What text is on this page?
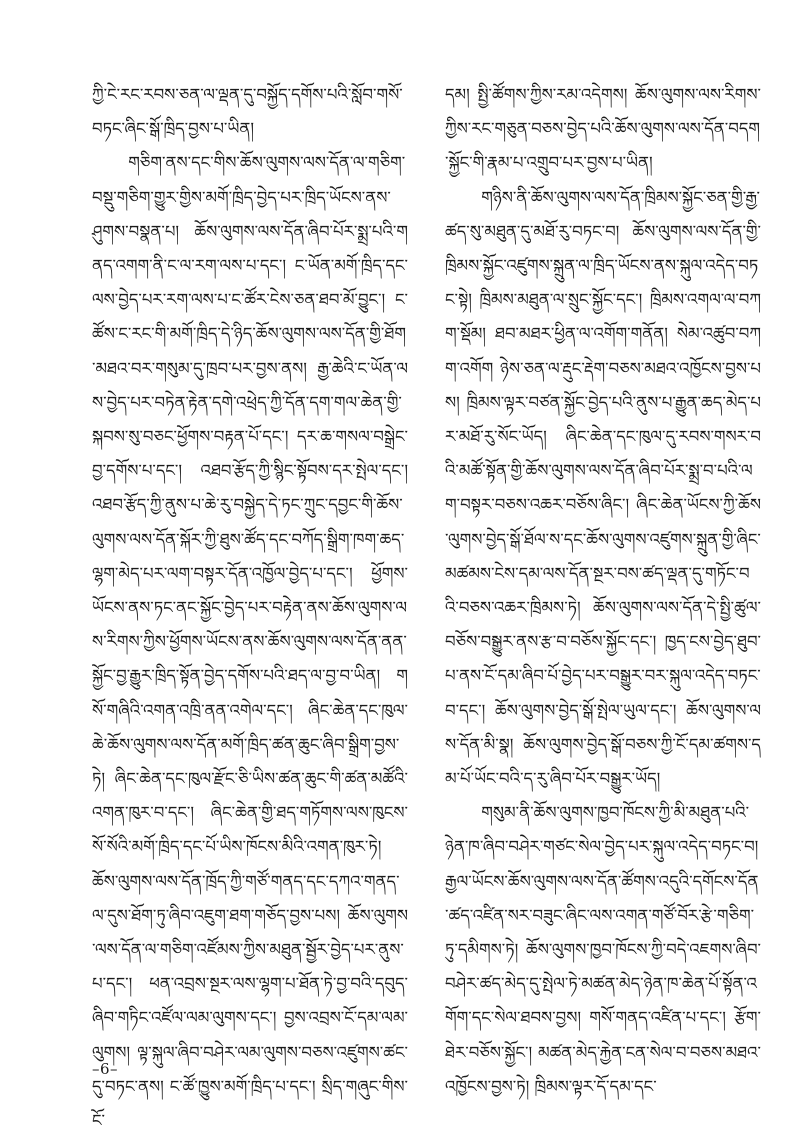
ཀྱི་ངེ་རང་རབས་ཅན་ལ་ལྡན་དུ་བསྐྱོད་དགོས་པའི་སློབ་གསོ་བཏང་ཞིང་སྒོ་ཁྲིད་བྱས་པ་ཡིན།

གཅིག་ནས་དང་གིས་ཆོས་ལུགས་ལས་དོན་ལ་གཅིག་བསྡུ་གཅིག་གྱུར་གྱིས་མགོ་ཁྲིད་བྱེད་པར་ཁྲིད་ཡོངས་ནས་ཤུགས་བསྣན་པ། ཆོས་ལུགས་ལས་དོན་ཞིབ་པོར་སྨྲ་པའི་གནད་འགག་ནི་ང་ལ་རག་ལས་པ་དང་། ང་ཡོན་མགོ་ཁྲིད་དང་ལས་བྱེད་པར་རག་ལས་པ་ང་ཚོར་ངེས་ཅན་ཐབ་མོ་བྱུང་། ང་ཚོས་ང་རང་གི་མགོ་ཁྲིད་དེ་ཉིད་ཆོས་ལུགས་ལས་དོན་གྱི་ཐོག་མཐའ་བར་གསུམ་དུ་ཁྲབ་པར་བྱས་ནས། རྒྱ་ཆེའི་ང་ཡོན་ལས་བྱེད་པར་བཏེན་རྟེན་དགེ་འཕྲེད་ཀྱི་དོན་དག་གལ་ཆེན་གྱི་སྐབས་སུ་བཅང་ཕྱོགས་བརྟན་པོ་དང་། དར་ཆ་གསལ་བསྒྲེང་བྱ་དགོས་པ་དང་། འཐབ་རྩོད་ཀྱི་སྙིང་སྟོབས་དར་སྤེལ་དང་། འཐབ་རྩོད་ཀྱི་ནུས་པ་ཆེ་རུ་བསྐྱེད་དེ་ཏང་ཀྲུང་དབྱང་གི་ཆོས་ལུགས་ལས་དོན་སྐོར་ཀྱི་ཐུས་ཚོད་དང་བཀོད་སྒྲིག་ཁག་ཆད་ལྷག་མེད་པར་ལག་བསྟར་དོན་འཁྱོལ་བྱེད་པ་དང་། ཕྱོགས་ཡོངས་ནས་ཏང་ནང་སྐྱོང་བྱེད་པར་བརྟེན་ནས་ཆོས་ལུགས་ལས་རིགས་ཀྱིས་ཕྱོགས་ཡོངས་ནས་ཆོས་ལུགས་ལས་དོན་ནན་སྐྱོང་བྱ་རྒྱུར་ཁྲིད་སྟོན་བྱེད་དགོས་པའི་ཐད་ལ་བྱ་བ་ཡིན། གསོ་གཞིའི་འགན་འཁྲི་ནན་འགེལ་དང་། ཞིང་ཆེན་དང་ཁུལ་ཆེ་ཆོས་ལུགས་ལས་དོན་མགོ་ཁྲིད་ཚན་ཆུང་ཞིབ་སྒྲིག་བྱས་ཏེ། ཞིང་ཆེན་དང་ཁུལ་རྫོང་ཅི་ཡིས་ཚན་ཆུང་གི་ཚན་མཚོའི་འགན་ཁུར་བ་དང་། ཞིང་ཆེན་གྱི་ཐད་གཏོགས་ལས་ཁུངས་སོ་སོའི་མགོ་ཁྲིད་དང་པོ་ཡིས་ཁོངས་མིའི་འགན་ཁུར་ཏེ། ཆོས་ལུགས་ལས་དོན་ཁྲོད་ཀྱི་གཙོ་གནད་དང་དཀའ་གནད་ལ་དུས་ཐོག་ཏུ་ཞིབ་འཇུག་ཐག་གཅོད་བྱས་པས། ཆོས་ལུགས་ལས་དོན་ལ་གཅིག་འཛོམས་ཀྱིས་མཐུན་སྦྱོར་བྱེད་པར་ནུས་པ་དང་། ཕན་འབྲས་སྔར་ལས་ལྷག་པ་ཐོན་ཏེ་བྱ་བའི་དབུད་ཞིབ་གཏིང་འཛོལ་ལམ་ལུགས་དང་། བྱས་འབྲས་ངོ་དམ་ལམ་ལུགས། ལྟ་སྐུལ་ཞིབ་བཤེར་ལམ་ལུགས་བཅས་འཛུགས་ཚང་དུ་བཏང་ནས། ང་ཚོ་ཁྱུས་མགོ་ཁྲིད་པ་དང་། སྲིད་གཞུང་གིས་ངོ་

དམ། སྤྱི་ཚོགས་ཀྱིས་རམ་འདེགས། ཆོས་ལུགས་ལས་རིགས་ཀྱིས་རང་གཅུན་བཅས་བྱེད་པའི་ཆོས་ལུགས་ལས་དོན་བདག་སྐྱོང་གི་རྣམ་པ་འགྲུབ་པར་བྱས་པ་ཡིན།

གཉིས་ནི་ཆོས་ལུགས་ལས་དོན་ཁྲིམས་སྐྱོང་ཅན་གྱི་རྒྱ་ཚད་སུ་མཐུན་དུ་མཐོ་རུ་བཏང་བ། ཆོས་ལུགས་ལས་དོན་གྱི་ཁྲིམས་སྐྱོང་འཛུགས་སྐྲུན་ལ་ཁྲིད་ཡོངས་ནས་སྐུལ་འདེད་བཏང་སྟེ། ཁྲིམས་མཐུན་ལ་སྲུང་སྐྱོང་དང་། ཁྲིམས་འགལ་ལ་བཀག་སྡོམ། ཐབ་མཐར་ཕྱིན་ལ་འགོག་གནོན། སེམ་འཚུབ་བཀག་འགོག ཉེས་ཅན་ལ་རྡུང་རྡེག་བཅས་མཐའ་འཁྱོངས་བྱས་པས། ཁྲིམས་ལྟར་བཙན་སྐྱོང་བྱེད་པའི་ནུས་པ་རྒྱུན་ཆད་མེད་པར་མཐོ་རུ་སོང་ཡོད། ཞིང་ཆེན་དང་ཁུལ་དུ་རབས་གསར་བའི་མཚོ་སྟོན་གྱི་ཆོས་ལུགས་ལས་དོན་ཞིབ་པོར་སྨྲ་བ་པའི་ལག་བསྟར་བཅས་འཆར་བཅོས་ཞིང་། ཞིང་ཆེན་ཡོངས་ཀྱི་ཆོས་ལུགས་བྱེད་སྒོ་ཐོལ་ས་དང་ཆོས་ལུགས་འཛུགས་སྐྲུན་གྱི་ཞིང་མཚམས་ངེས་དམ་ལས་དོན་སྔར་བས་ཚད་ལྡན་དུ་གཏོང་བའི་བཅས་འཆར་ཁྲིམས་ཏེ། ཆོས་ལུགས་ལས་དོན་དེ་སྤྱི་ཚུལ་བཅོས་བསྒྱུར་ནས་རྩ་བ་བཅོས་སྐྱོང་དང་། ཁྱད་ངས་བྱེད་ཐུབ་པ་ནས་ངོ་དམ་ཞིབ་པོ་བྱེད་པར་བསྒྱུར་བར་སྐུལ་འདེད་བཏང་བ་དང་། ཆོས་ལུགས་བྱེད་སྒོ་སྤེལ་ཡུལ་དང་། ཆོས་ལུགས་ལས་དོན་མི་སྣ། ཆོས་ལུགས་བྱེད་སྒོ་བཅས་ཀྱི་ངོ་དམ་ཚགས་དམ་པོ་ཡོང་བའི་ད་རུ་ཞིབ་པོར་བསྒྱུར་ཡོད།

གསུམ་ནི་ཆོས་ལུགས་ཁྱབ་ཁོངས་ཀྱི་མི་མཐུན་པའི་ཉེན་ཁ་ཞིབ་བཤེར་གཙང་སེལ་བྱེད་པར་སྐུལ་འདེད་བཏང་བ། རྒྱལ་ཡོངས་ཆོས་ལུགས་ལས་དོན་ཚོགས་འདུའི་དགོངས་དོན་ཚད་འཛིན་སར་བཟུང་ཞིང་ལས་འགན་གཙོ་བོར་རྩེ་གཅིག་ཏུ་དམིགས་ཏེ། ཆོས་ལུགས་ཁྱབ་ཁོངས་ཀྱི་བདེ་འཇགས་ཞིབ་བཤེར་ཚད་མེད་དུ་སྤེལ་ཏེ་མཚན་མེད་ཉེན་ཁ་ཆེན་པོ་སྟོན་འགོག་དང་སེལ་ཐབས་བྱས། གསོ་གནད་འཛིན་པ་དང་། རྩོག་ཐེར་བཅོས་སྐྱོང་། མཚན་མེད་རྐྱེན་ངན་སེལ་བ་བཅས་མཐའ་འཁྱོངས་བྱས་ཏེ། ཁྲིམས་ལྟར་དོ་དམ་དང་

–6–
